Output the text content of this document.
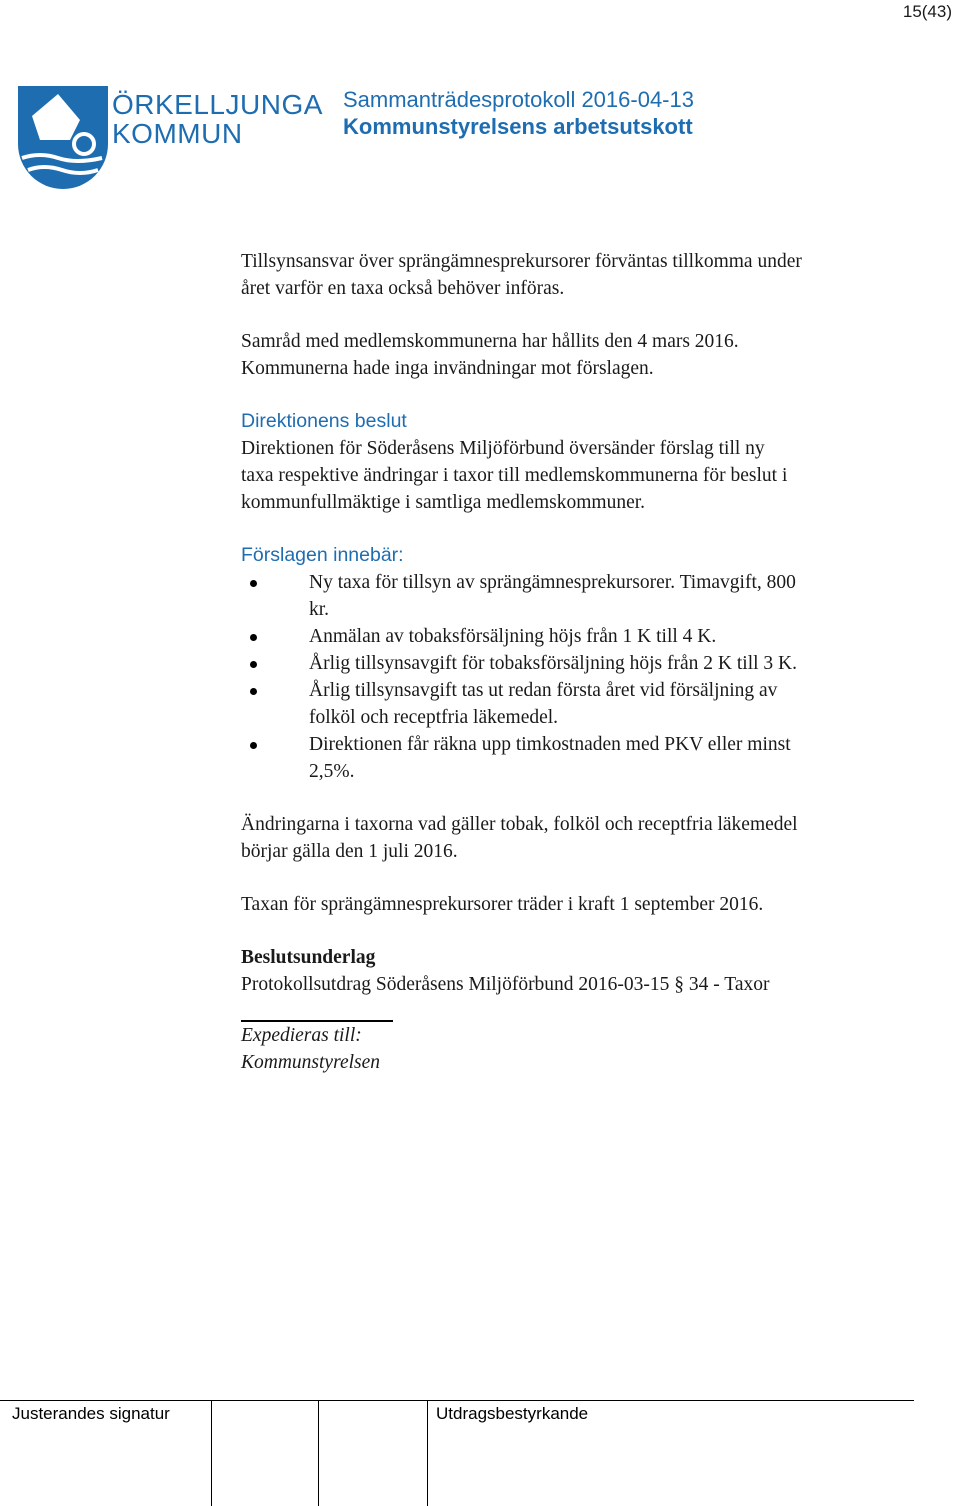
15(43)
ÖRKELLJUNGA
KOMMUN
Sammanträdesprotokoll 2016-04-13
Kommunstyrelsens arbetsutskott

Tillsynsansvar över sprängämnesprekursorer förväntas tillkomma under
året varför en taxa också behöver införas.

Samråd med medlemskommunerna har hållits den 4 mars 2016.
Kommunerna hade inga invändningar mot förslagen.

Direktionens beslut

Direktionen för Söderåsens Miljöförbund översänder förslag till ny
taxa respektive ändringar i taxor till medlemskommunerna för beslut i
kommunfullmäktige i samtliga medlemskommuner.

Förslagen innebär:

Ny taxa för tillsyn av sprängämnesprekursorer. Timavgift, 800
kr.
Anmälan av tobaksförsäljning höjs från 1 K till 4 K.
Årlig tillsynsavgift för tobaksförsäljning höjs från 2 K till 3 K.
Årlig tillsynsavgift tas ut redan första året vid försäljning av
folköl och receptfria läkemedel.
Direktionen får räkna upp timkostnaden med PKV eller minst
2,5%.

Ändringarna i taxorna vad gäller tobak, folköl och receptfria läkemedel
börjar gälla den 1 juli 2016.

Taxan för sprängämnesprekursorer träder i kraft 1 september 2016.

Beslutsunderlag

Protokollsutdrag Söderåsens Miljöförbund 2016-03-15 § 34 - Taxor

Expedieras till:
Kommunstyrelsen

Justerandes signatur	Utdragsbestyrkande
